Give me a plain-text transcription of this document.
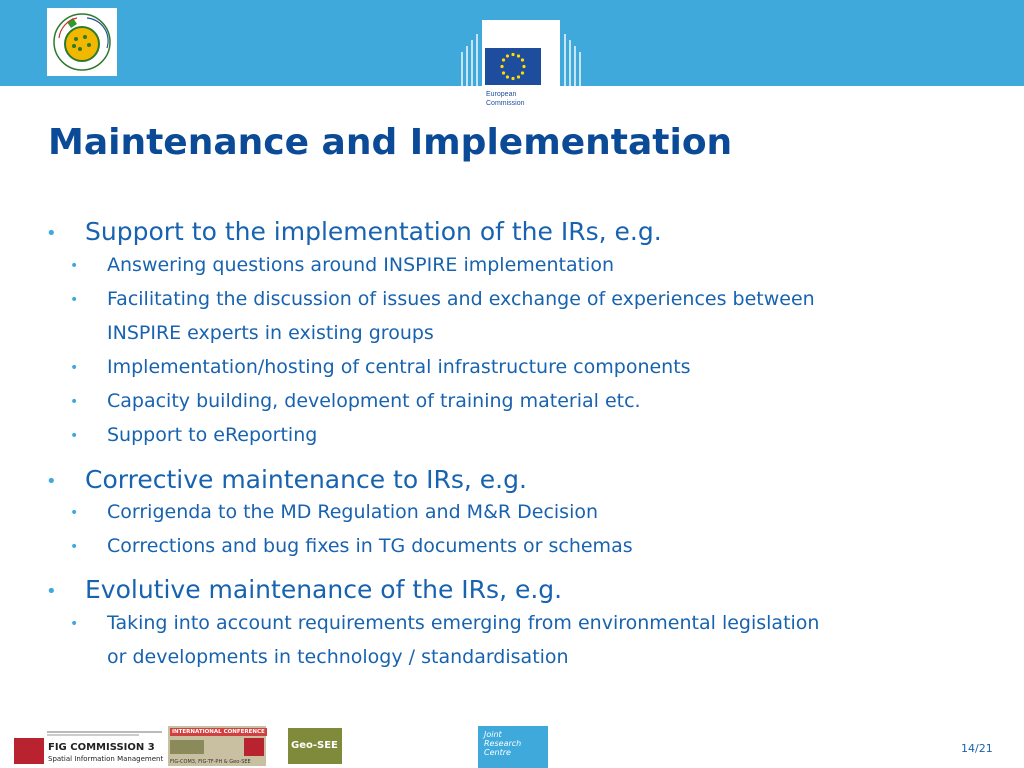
European
Commission
Maintenance and Implementation
• Support to the implementation of the IRs, e.g.
• Answering questions around INSPIRE implementation
• Facilitating the discussion of issues and exchange of experiences between
INSPIRE experts in existing groups
• Implementation/hosting of central infrastructure components
• Capacity building, development of training material etc.
• Support to eReporting
• Corrective maintenance to IRs, e.g.
• Corrigenda to the MD Regulation and M&R Decision
• Corrections and bug fixes in TG documents or schemas
• Evolutive maintenance of the IRs, e.g.
• Taking into account requirements emerging from environmental legislation
or developments in technology / standardisation
FIG COMMISSION 3
Spatial Information Management
INTERNATIONAL CONFERENCE
FIG-COM3, FIG-TF-PH & Geo-SEE
Geo-SEE
Joint
Research
Centre	14/21
